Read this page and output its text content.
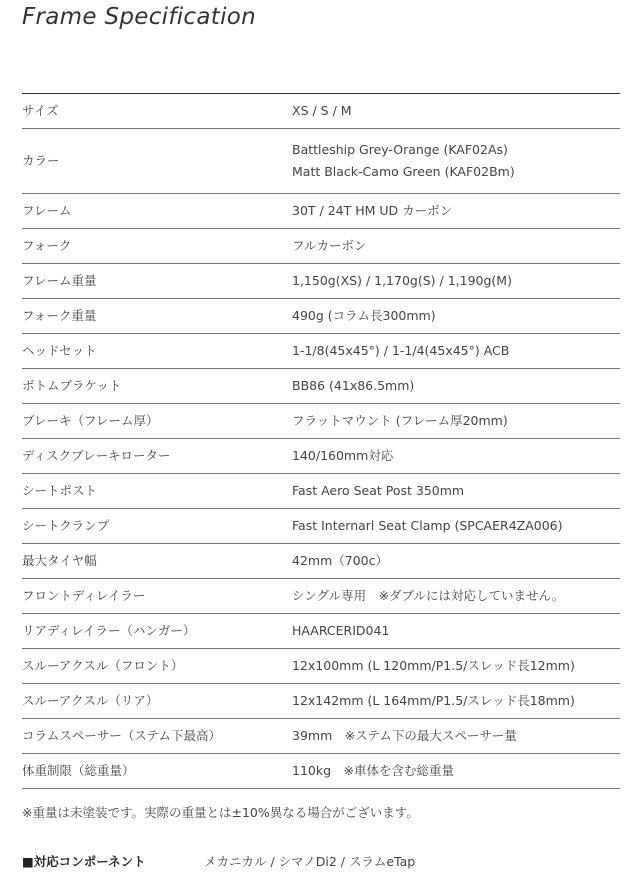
Frame Specification
サイズ	XS / S / M

カラー	Battleship Grey-Orange (KAF02As)
Matt Black-Camo Green (KAF02Bm)

フレーム	30T / 24T HM UD カーボン

フォーク	フルカーボン

フレーム重量	1,150g(XS) / 1,170g(S) / 1,190g(M)

フォーク重量	490g (コラム長300mm)

ヘッドセット	1-1/8(45x45°) / 1-1/4(45x45°) ACB

ボトムブラケット	BB86 (41x86.5mm)

ブレーキ（フレーム厚）	フラットマウント (フレーム厚20mm)

ディスクブレーキローター	140/160mm対応

シートポスト	Fast Aero Seat Post 350mm

シートクランプ	Fast Internarl Seat Clamp (SPCAER4ZA006)

最大タイヤ幅	42mm（700c）

フロントディレイラー	シングル専用　※ダブルには対応していません。

リアディレイラー（ハンガー）	HAARCERID041

スルーアクスル（フロント）	12x100mm (L 120mm/P1.5/スレッド長12mm)

スルーアクスル（リア）	12x142mm (L 164mm/P1.5/スレッド長18mm)

コラムスペーサー（ステム下最高）	39mm　※ステム下の最大スペーサー量

体重制限（総重量）	110kg　※車体を含む総重量

※重量は未塗装です。実際の重量とは±10%異なる場合がございます。

■対応コンポーネント	メカニカル / シマノDi2 / スラムeTap
